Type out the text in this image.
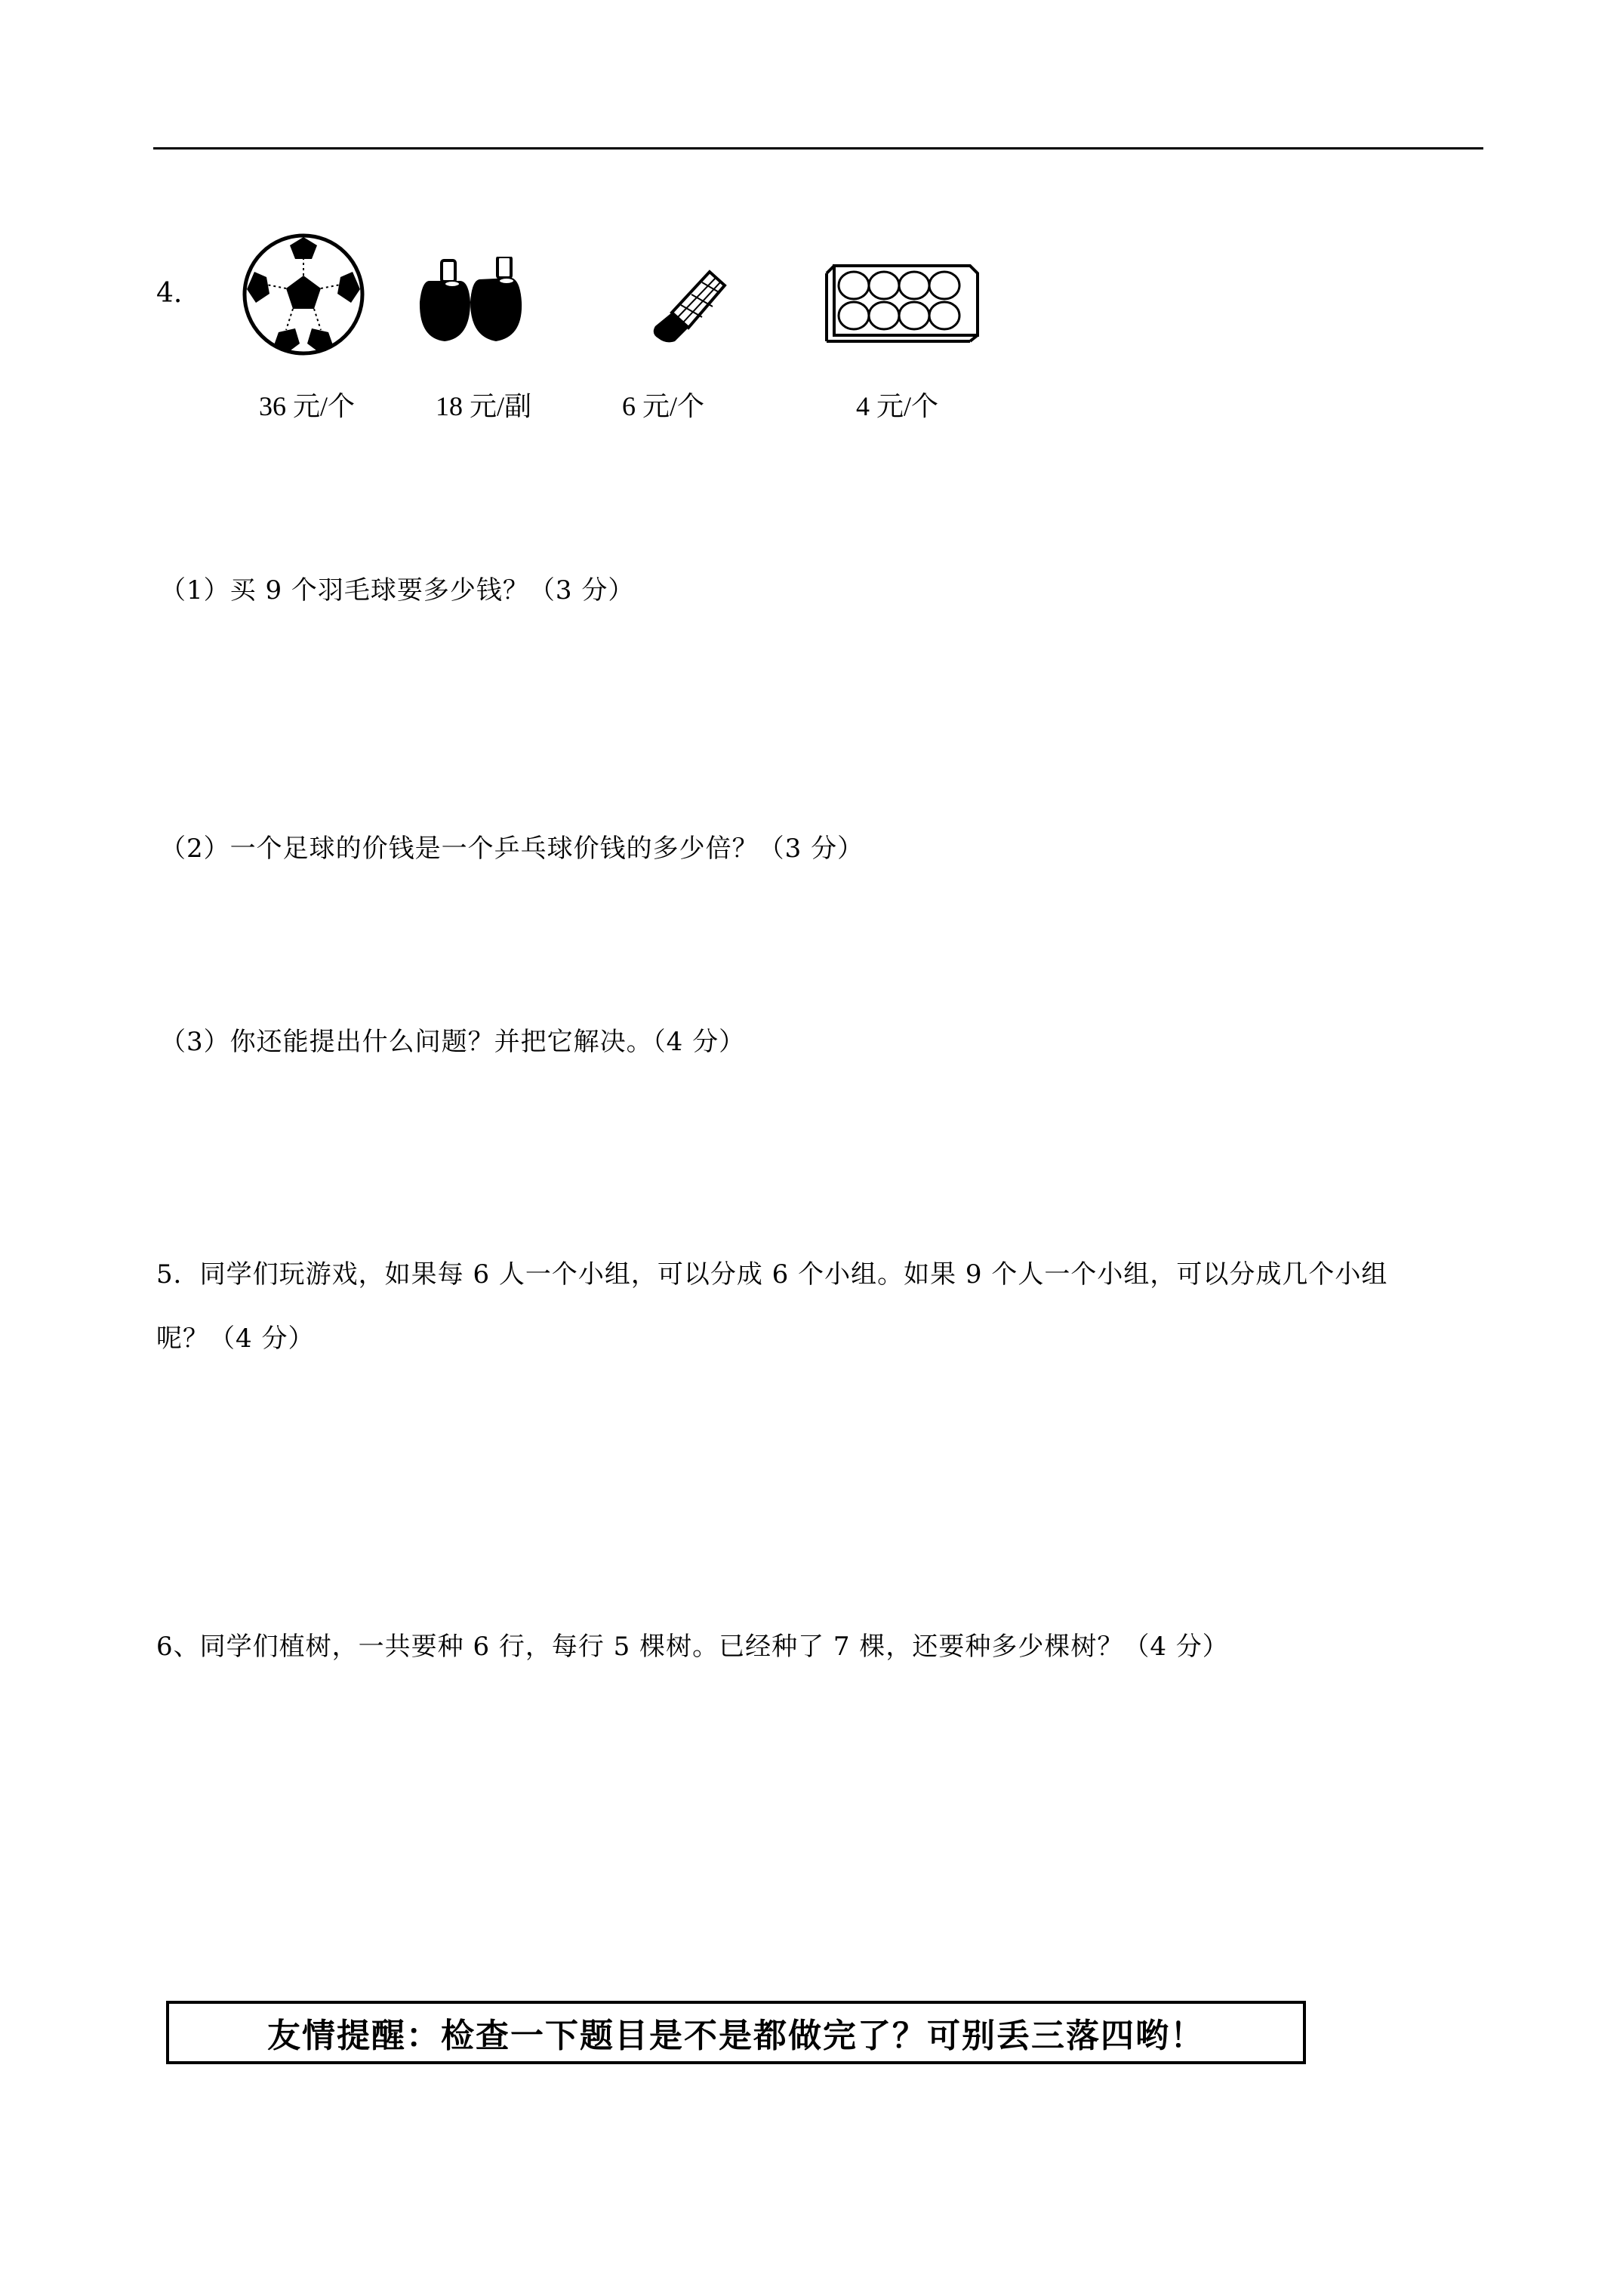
4.
36 元/个	18 元/副	6 元/个	4 元/个
（1）买 9 个羽毛球要多少钱？（3 分）
（2）一个足球的价钱是一个乒乓球价钱的多少倍？（3 分）
（3）你还能提出什么问题？并把它解决。（4 分）
5．同学们玩游戏，如果每 6 人一个小组，可以分成 6 个小组。如果 9 个人一个小组，可以分成几个小组
呢？（4 分）
6、同学们植树，一共要种 6 行，每行 5 棵树。已经种了 7 棵，还要种多少棵树？（4 分）
友情提醒：检查一下题目是不是都做完了？可别丢三落四哟！
